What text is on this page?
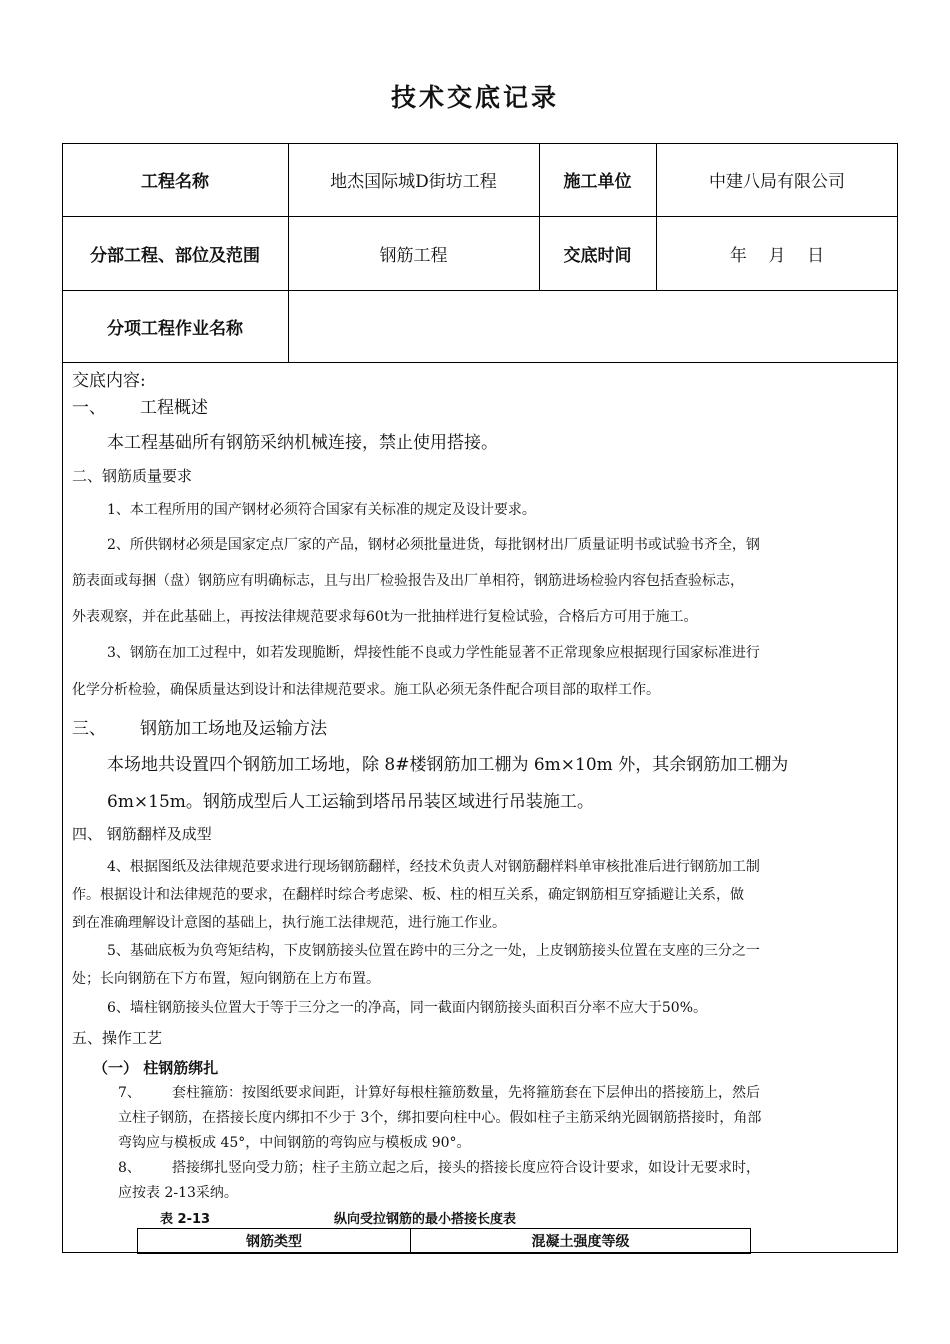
技术交底记录
工程名称	地杰国际城D街坊工程	施工单位	中建八局有限公司
分部工程、部位及范围	钢筋工程	交底时间	年    月    日
分项工程作业名称
交底内容:
一、 工程概述
本工程基础所有钢筋采纳机械连接，禁止使用搭接。
二、钢筋质量要求
1、本工程所用的国产钢材必须符合国家有关标准的规定及设计要求。
2、所供钢材必须是国家定点厂家的产品，钢材必须批量进货，每批钢材出厂质量证明书或试验书齐全，钢
筋表面或每捆（盘）钢筋应有明确标志，且与出厂检验报告及出厂单相符，钢筋进场检验内容包括查验标志，
外表观察，并在此基础上，再按法律规范要求每60t为一批抽样进行复检试验，合格后方可用于施工。
3、钢筋在加工过程中，如若发现脆断，焊接性能不良或力学性能显著不正常现象应根据现行国家标准进行
化学分析检验，确保质量达到设计和法律规范要求。施工队必须无条件配合项目部的取样工作。
三、 钢筋加工场地及运输方法
本场地共设置四个钢筋加工场地，除 8#楼钢筋加工棚为 6m×10m 外，其余钢筋加工棚为
6m×15m。钢筋成型后人工运输到塔吊吊装区域进行吊装施工。
四、 钢筋翻样及成型
4、根据图纸及法律规范要求进行现场钢筋翻样，经技术负责人对钢筋翻样料单审核批准后进行钢筋加工制
作。根据设计和法律规范的要求，在翻样时综合考虑梁、板、柱的相互关系，确定钢筋相互穿插避让关系，做
到在准确理解设计意图的基础上，执行施工法律规范，进行施工作业。
5、基础底板为负弯矩结构，下皮钢筋接头位置在跨中的三分之一处，上皮钢筋接头位置在支座的三分之一
处；长向钢筋在下方布置，短向钢筋在上方布置。
6、墙柱钢筋接头位置大于等于三分之一的净高，同一截面内钢筋接头面积百分率不应大于50%。
五、操作工艺
（一） 柱钢筋绑扎
7、 套柱箍筋：按图纸要求间距，计算好每根柱箍筋数量，先将箍筋套在下层伸出的搭接筋上，然后
立柱子钢筋，在搭接长度内绑扣不少于 3个，绑扣要向柱中心。假如柱子主筋采纳光圆钢筋搭接时，角部
弯钩应与模板成 45°，中间钢筋的弯钩应与模板成 90°。
8、 搭接绑扎竖向受力筋；柱子主筋立起之后，接头的搭接长度应符合设计要求，如设计无要求时，
应按表 2-13采纳。
表 2-13	纵向受拉钢筋的最小搭接长度表
钢筋类型	混凝土强度等级
